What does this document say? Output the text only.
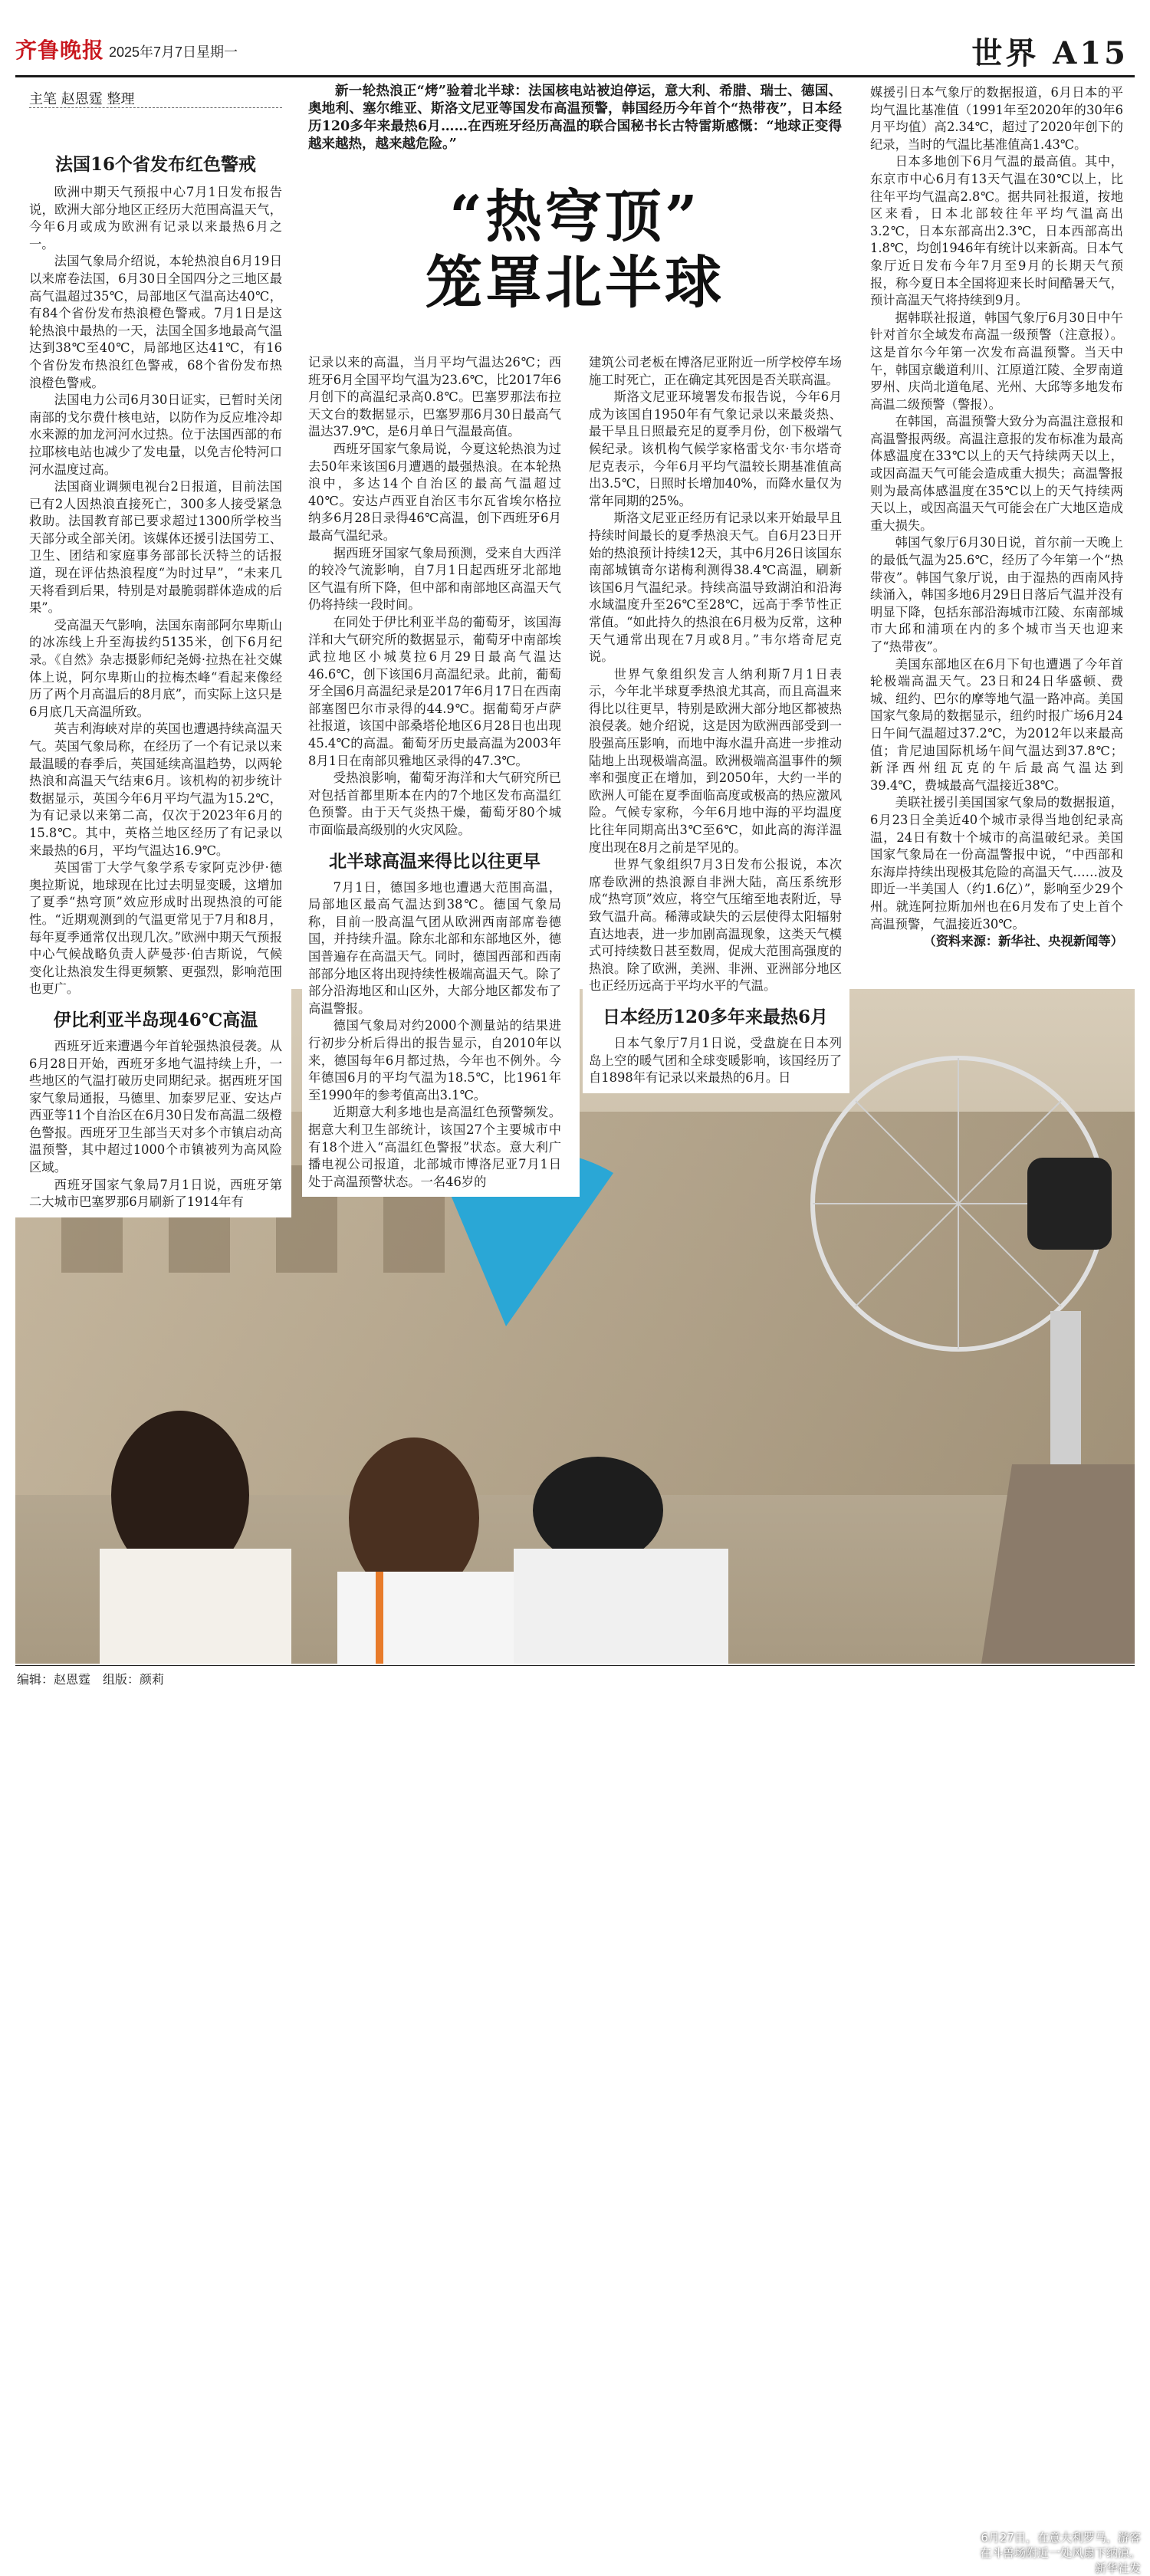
齐鲁晚报 2025年7月7日 星期一	世界 A15
主笔 赵恩霆 整理	新一轮热浪正“烤”验着北半球：法国核电站被迫停运，意大利、希腊、瑞士、德国、奥地利、塞尔维亚、斯洛文尼亚等国发布高温预警，韩国经历今年首个“热带夜”，日本经历120多年来最热6月……在西班牙经历高温的联合国秘书长古特雷斯感慨：“地球正变得越来越热，越来越危险。”
“热穹顶”
笼罩北半球
6月27日，在意大利罗马，游客
在斗兽场附近一处风扇下纳凉。
新华社发

法国16个省发布红色警戒

欧洲中期天气预报中心7月1日发布报告说，欧洲大部分地区正经历大范围高温天气，今年6月或成为欧洲有记录以来最热6月之一。

法国气象局介绍说，本轮热浪自6月19日以来席卷法国，6月30日全国四分之三地区最高气温超过35℃，局部地区气温高达40℃，有84个省份发布热浪橙色警戒。7月1日是这轮热浪中最热的一天，法国全国多地最高气温达到38℃至40℃，局部地区达41℃，有16个省份发布热浪红色警戒，68个省份发布热浪橙色警戒。

法国电力公司6月30日证实，已暂时关闭南部的戈尔费什核电站，以防作为反应堆冷却水来源的加龙河河水过热。位于法国西部的布拉耶核电站也减少了发电量，以免吉伦特河口河水温度过高。

法国商业调频电视台2日报道，目前法国已有2人因热浪直接死亡，300多人接受紧急救助。法国教育部已要求超过1300所学校当天部分或全部关闭。该媒体还援引法国劳工、卫生、团结和家庭事务部部长沃特兰的话报道，现在评估热浪程度“为时过早”，“未来几天将看到后果，特别是对最脆弱群体造成的后果”。

受高温天气影响，法国东南部阿尔卑斯山的冰冻线上升至海拔约5135米，创下6月纪录。《自然》杂志摄影师纪尧姆·拉热在社交媒体上说，阿尔卑斯山的拉梅杰峰“看起来像经历了两个月高温后的8月底”，而实际上这只是6月底几天高温所致。

英吉利海峡对岸的英国也遭遇持续高温天气。英国气象局称，在经历了一个有记录以来最温暖的春季后，英国延续高温趋势，以两轮热浪和高温天气结束6月。该机构的初步统计数据显示，英国今年6月平均气温为15.2℃，为有记录以来第二高，仅次于2023年6月的15.8℃。其中，英格兰地区经历了有记录以来最热的6月，平均气温达16.9℃。

英国雷丁大学气象学系专家阿克沙伊·德奥拉斯说，地球现在比过去明显变暖，这增加了夏季“热穹顶”效应形成时出现热浪的可能性。“近期观测到的气温更常见于7月和8月，每年夏季通常仅出现几次。”欧洲中期天气预报中心气候战略负责人萨曼莎·伯吉斯说，气候变化让热浪发生得更频繁、更强烈，影响范围也更广。

伊比利亚半岛现46℃高温

西班牙近来遭遇今年首轮强热浪侵袭。从6月28日开始，西班牙多地气温持续上升，一些地区的气温打破历史同期纪录。据西班牙国家气象局通报，马德里、加泰罗尼亚、安达卢西亚等11个自治区在6月30日发布高温二级橙色警报。西班牙卫生部当天对多个市镇启动高温预警，其中超过1000个市镇被列为高风险区域。

西班牙国家气象局7月1日说，西班牙第二大城市巴塞罗那6月刷新了1914年有

记录以来的高温，当月平均气温达26℃；西班牙6月全国平均气温为23.6℃，比2017年6月创下的高温纪录高0.8℃。巴塞罗那法布拉天文台的数据显示，巴塞罗那6月30日最高气温达37.9℃，是6月单日气温最高值。

西班牙国家气象局说，今夏这轮热浪为过去50年来该国6月遭遇的最强热浪。在本轮热浪中，多达14个自治区的最高气温超过40℃。安达卢西亚自治区韦尔瓦省埃尔格拉纳多6月28日录得46℃高温，创下西班牙6月最高气温纪录。

据西班牙国家气象局预测，受来自大西洋的较冷气流影响，自7月1日起西班牙北部地区气温有所下降，但中部和南部地区高温天气仍将持续一段时间。

在同处于伊比利亚半岛的葡萄牙，该国海洋和大气研究所的数据显示，葡萄牙中南部埃武拉地区小城莫拉6月29日最高气温达46.6℃，创下该国6月高温纪录。此前，葡萄牙全国6月高温纪录是2017年6月17日在西南部塞图巴尔市录得的44.9℃。据葡萄牙卢萨社报道，该国中部桑塔伦地区6月28日也出现45.4℃的高温。葡萄牙历史最高温为2003年8月1日在南部贝雅地区录得的47.3℃。

受热浪影响，葡萄牙海洋和大气研究所已对包括首都里斯本在内的7个地区发布高温红色预警。由于天气炎热干燥，葡萄牙80个城市面临最高级别的火灾风险。

北半球高温来得比以往更早

7月1日，德国多地也遭遇大范围高温，局部地区最高气温达到38℃。德国气象局称，目前一股高温气团从欧洲西南部席卷德国，并持续升温。除东北部和东部地区外，德国普遍存在高温天气。同时，德国西部和西南部部分地区将出现持续性极端高温天气。除了部分沿海地区和山区外，大部分地区都发布了高温警报。

德国气象局对约2000个测量站的结果进行初步分析后得出的报告显示，自2010年以来，德国每年6月都过热，今年也不例外。今年德国6月的平均气温为18.5℃，比1961年至1990年的参考值高出3.1℃。

近期意大利多地也是高温红色预警频发。据意大利卫生部统计，该国27个主要城市中有18个进入“高温红色警报”状态。意大利广播电视公司报道，北部城市博洛尼亚7月1日处于高温预警状态。一名46岁的

建筑公司老板在博洛尼亚附近一所学校停车场施工时死亡，正在确定其死因是否关联高温。

斯洛文尼亚环境署发布报告说，今年6月成为该国自1950年有气象记录以来最炎热、最干旱且日照最充足的夏季月份，创下极端气候纪录。该机构气候学家格雷戈尔·韦尔塔奇尼克表示，今年6月平均气温较长期基准值高出3.5℃，日照时长增加40%，而降水量仅为常年同期的25%。

斯洛文尼亚正经历有记录以来开始最早且持续时间最长的夏季热浪天气。自6月23日开始的热浪预计持续12天，其中6月26日该国东南部城镇奇尔诺梅利测得38.4℃高温，刷新该国6月气温纪录。持续高温导致湖泊和沿海水域温度升至26℃至28℃，远高于季节性正常值。“如此持久的热浪在6月极为反常，这种天气通常出现在7月或8月。”韦尔塔奇尼克说。

世界气象组织发言人纳利斯7月1日表示，今年北半球夏季热浪尤其高，而且高温来得比以往更早，特别是欧洲大部分地区都被热浪侵袭。她介绍说，这是因为欧洲西部受到一股强高压影响，而地中海水温升高进一步推动陆地上出现极端高温。欧洲极端高温事件的频率和强度正在增加，到2050年，大约一半的欧洲人可能在夏季面临高度或极高的热应激风险。气候专家称，今年6月地中海的平均温度比往年同期高出3℃至6℃，如此高的海洋温度出现在8月之前是罕见的。

世界气象组织7月3日发布公报说，本次席卷欧洲的热浪源自非洲大陆，高压系统形成“热穹顶”效应，将空气压缩至地表附近，导致气温升高。稀薄或缺失的云层使得太阳辐射直达地表，进一步加剧高温现象，这类天气模式可持续数日甚至数周，促成大范围高强度的热浪。除了欧洲，美洲、非洲、亚洲部分地区也正经历远高于平均水平的气温。

日本经历120多年来最热6月

日本气象厅7月1日说，受盘旋在日本列岛上空的暖气团和全球变暖影响，该国经历了自1898年有记录以来最热的6月。日

媒援引日本气象厅的数据报道，6月日本的平均气温比基准值（1991年至2020年的30年6月平均值）高2.34℃，超过了2020年创下的纪录，当时的气温比基准值高1.43℃。

日本多地创下6月气温的最高值。其中，东京市中心6月有13天气温在30℃以上，比往年平均气温高2.8℃。据共同社报道，按地区来看，日本北部较往年平均气温高出3.2℃，日本东部高出2.3℃，日本西部高出1.8℃，均创1946年有统计以来新高。日本气象厅近日发布今年7月至9月的长期天气预报，称今夏日本全国将迎来长时间酷暑天气，预计高温天气将持续到9月。

据韩联社报道，韩国气象厅6月30日中午针对首尔全域发布高温一级预警（注意报）。这是首尔今年第一次发布高温预警。当天中午，韩国京畿道利川、江原道江陵、全罗南道罗州、庆尚北道龟尾、光州、大邱等多地发布高温二级预警（警报）。

在韩国，高温预警大致分为高温注意报和高温警报两级。高温注意报的发布标准为最高体感温度在33℃以上的天气持续两天以上，或因高温天气可能会造成重大损失；高温警报则为最高体感温度在35℃以上的天气持续两天以上，或因高温天气可能会在广大地区造成重大损失。

韩国气象厅6月30日说，首尔前一天晚上的最低气温为25.6℃，经历了今年第一个“热带夜”。韩国气象厅说，由于湿热的西南风持续涌入，韩国多地6月29日日落后气温并没有明显下降，包括东部沿海城市江陵、东南部城市大邱和浦项在内的多个城市当天也迎来了“热带夜”。

美国东部地区在6月下旬也遭遇了今年首轮极端高温天气。23日和24日华盛顿、费城、纽约、巴尔的摩等地气温一路冲高。美国国家气象局的数据显示，纽约时报广场6月24日午间气温超过37.2℃，为2012年以来最高值；肯尼迪国际机场午间气温达到37.8℃；新泽西州纽瓦克的午后最高气温达到39.4℃，费城最高气温接近38℃。

美联社援引美国国家气象局的数据报道，6月23日全美近40个城市录得当地创纪录高温，24日有数十个城市的高温破纪录。美国国家气象局在一份高温警报中说，“中西部和东海岸持续出现极其危险的高温天气……波及即近一半美国人（约1.6亿）”，影响至少29个州。就连阿拉斯加州也在6月发布了史上首个高温预警，气温接近30℃。

（资料来源：新华社、央视新闻等）

编辑：赵恩霆　组版：颜莉
